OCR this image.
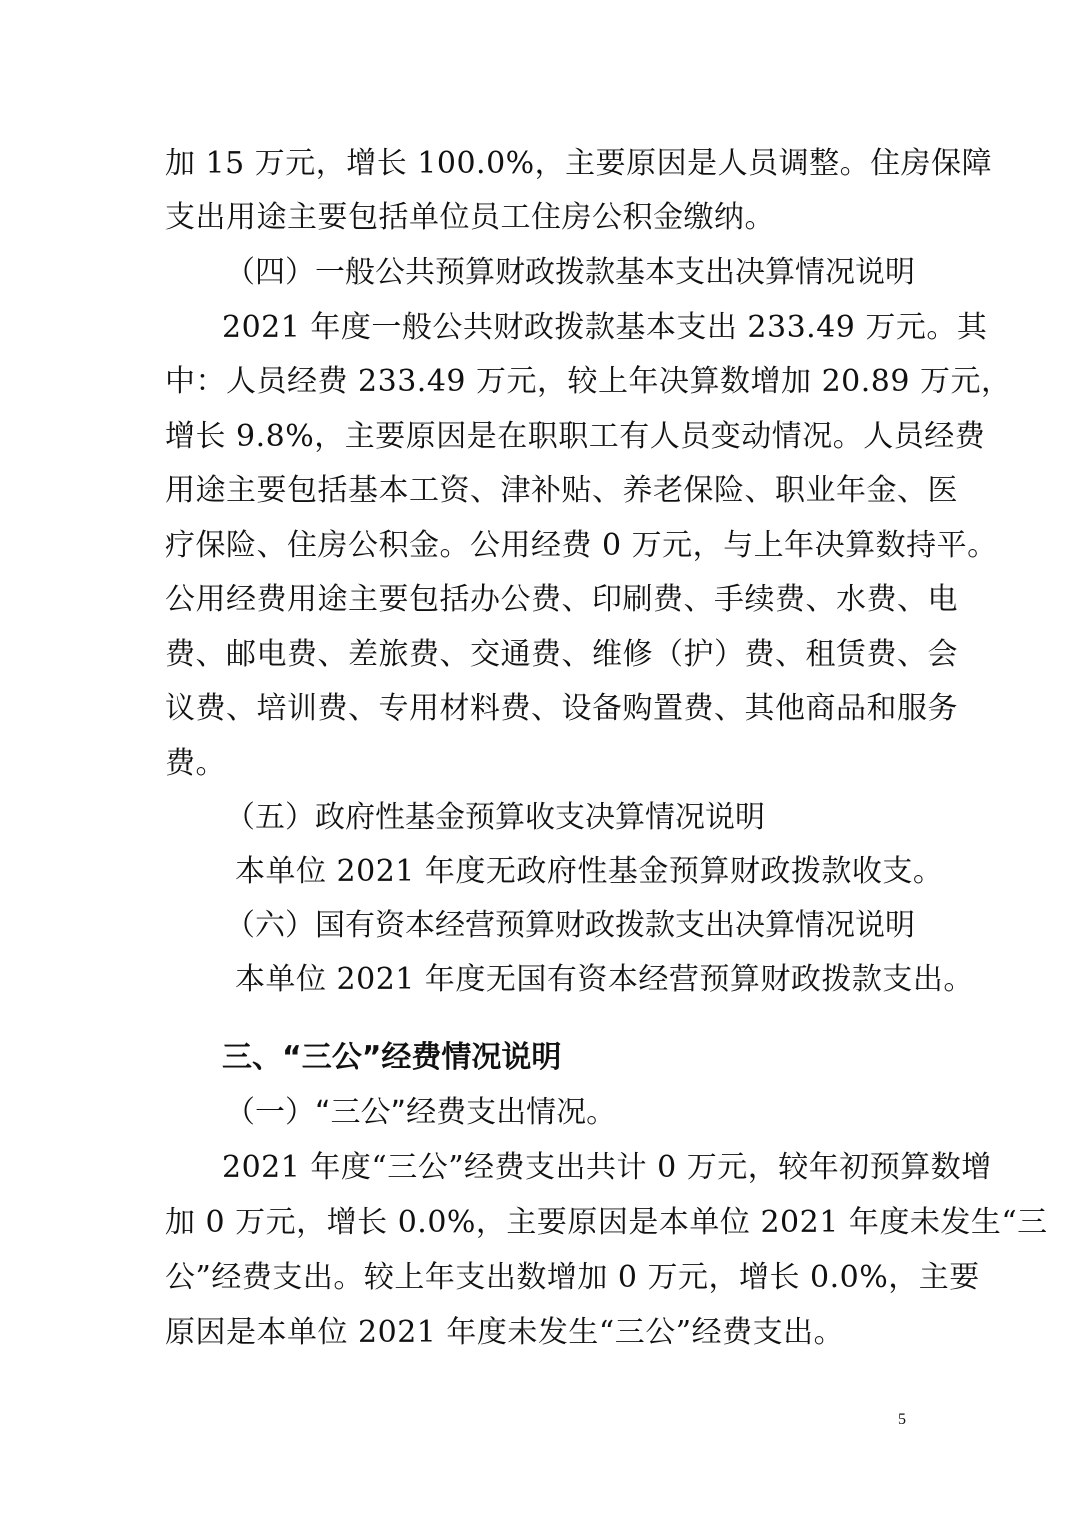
加 15 万元，增长 100.0%，主要原因是人员调整。住房保障
支出用途主要包括单位员工住房公积金缴纳。
（四）一般公共预算财政拨款基本支出决算情况说明
2021 年度一般公共财政拨款基本支出 233.49 万元。其
中：人员经费 233.49 万元，较上年决算数增加 20.89 万元，
增长 9.8%，主要原因是在职职工有人员变动情况。人员经费
用途主要包括基本工资、津补贴、养老保险、职业年金、医
疗保险、住房公积金。公用经费 0 万元，与上年决算数持平。
公用经费用途主要包括办公费、印刷费、手续费、水费、电
费、邮电费、差旅费、交通费、维修（护）费、租赁费、会
议费、培训费、专用材料费、设备购置费、其他商品和服务
费。
（五）政府性基金预算收支决算情况说明
本单位 2021 年度无政府性基金预算财政拨款收支。
（六）国有资本经营预算财政拨款支出决算情况说明
本单位 2021 年度无国有资本经营预算财政拨款支出。
三、“三公”经费情况说明
（一）“三公”经费支出情况。
2021 年度“三公”经费支出共计 0 万元，较年初预算数增
加 0 万元，增长 0.0%，主要原因是本单位 2021 年度未发生“三
公”经费支出。较上年支出数增加 0 万元，增长 0.0%，主要
原因是本单位 2021 年度未发生“三公”经费支出。
5
